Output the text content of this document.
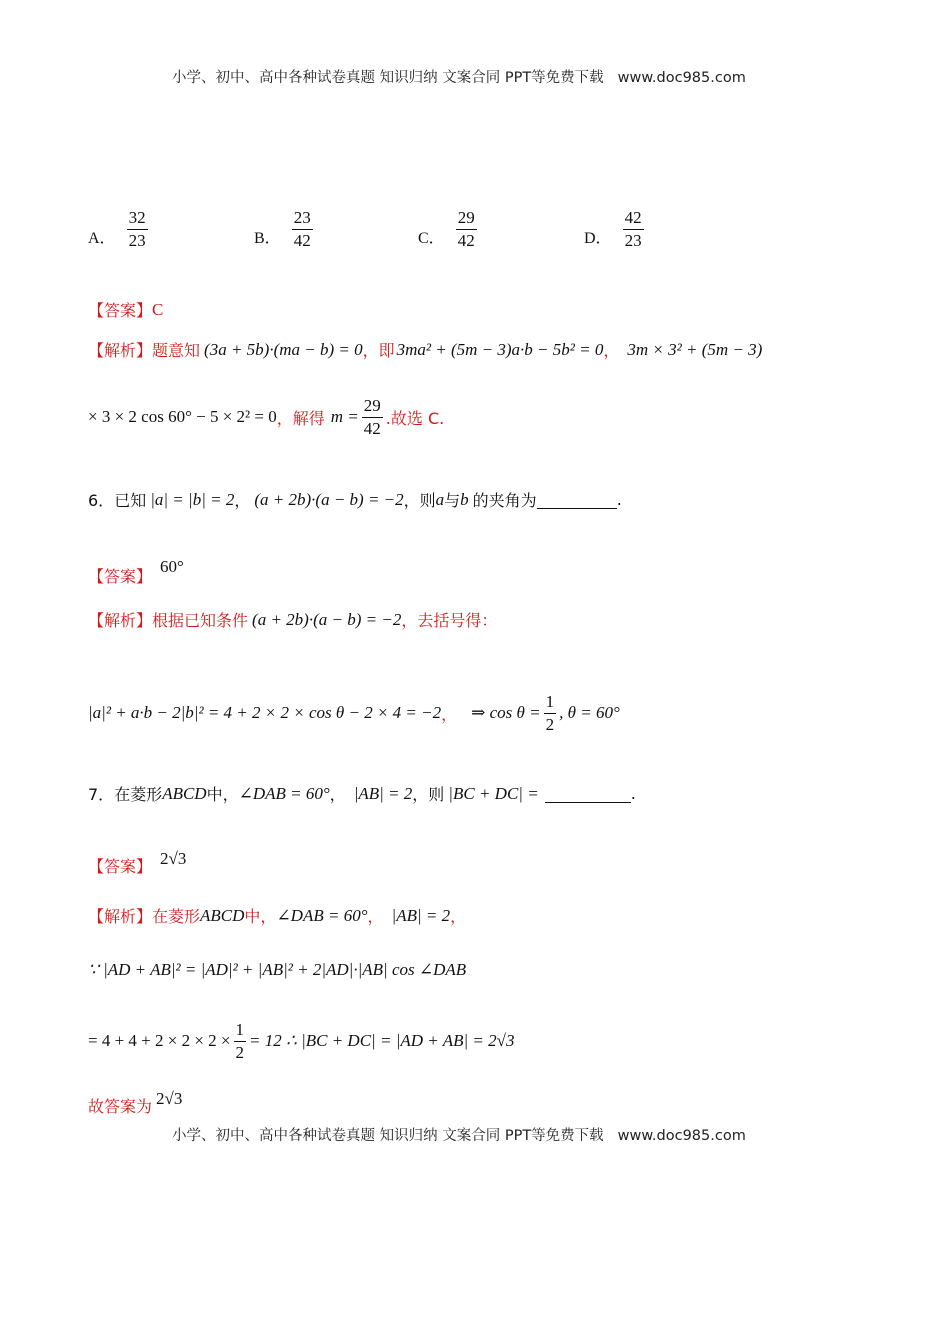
小学、初中、高中各种试卷真题 知识归纳 文案合同 PPT等免费下载 www.doc985.com
A． $\frac{32}{23}$	B． $\frac{23}{42}$	C． $\frac{29}{42}$	D． $\frac{42}{23}$
【答案】 C
【解析】 题意知 (3a + 5b)·(ma − b) = 0 ，即 3ma² + (5m − 3)a·b − 5b² = 0 ， 3m × 3² + (5m − 3)
× 3 × 2 cos 60° − 5 × 2² = 0 ，解得 $m = \frac{29}{42}$ .故选 C.
6． 已知 |a| = |b| = 2 ， (a + 2b)·(a − b) = −2 ，则 a 与 b 的夹角为	.
【答案】
60°
【解析】 根据已知条件 (a + 2b)·(a − b) = −2 ，去括号得：
|a|² + a·b − 2|b|² = 4 + 2 × 2 × cos θ − 2 × 4 = −2 ， ⇒ $\cos \theta = \frac{1}{2}$ , θ = 60°
7． 在菱形 ABCD 中， ∠DAB = 60° ， |AB| = 2 ，则 |BC + DC| =	.
【答案】 2√3
【解析】 在菱形 ABCD 中， ∠DAB = 60° ， |AB| = 2 ，
∵ |AD + AB|² = |AD|² + |AB|² + 2|AD|·|AB| cos ∠DAB
= $4 + 4 + 2 \times 2 \times 2 \times \frac{1}{2} = 12$ ∴ |BC + DC| = |AD + AB| = 2√3
故答案为 2√3
小学、初中、高中各种试卷真题 知识归纳 文案合同 PPT等免费下载 www.doc985.com
